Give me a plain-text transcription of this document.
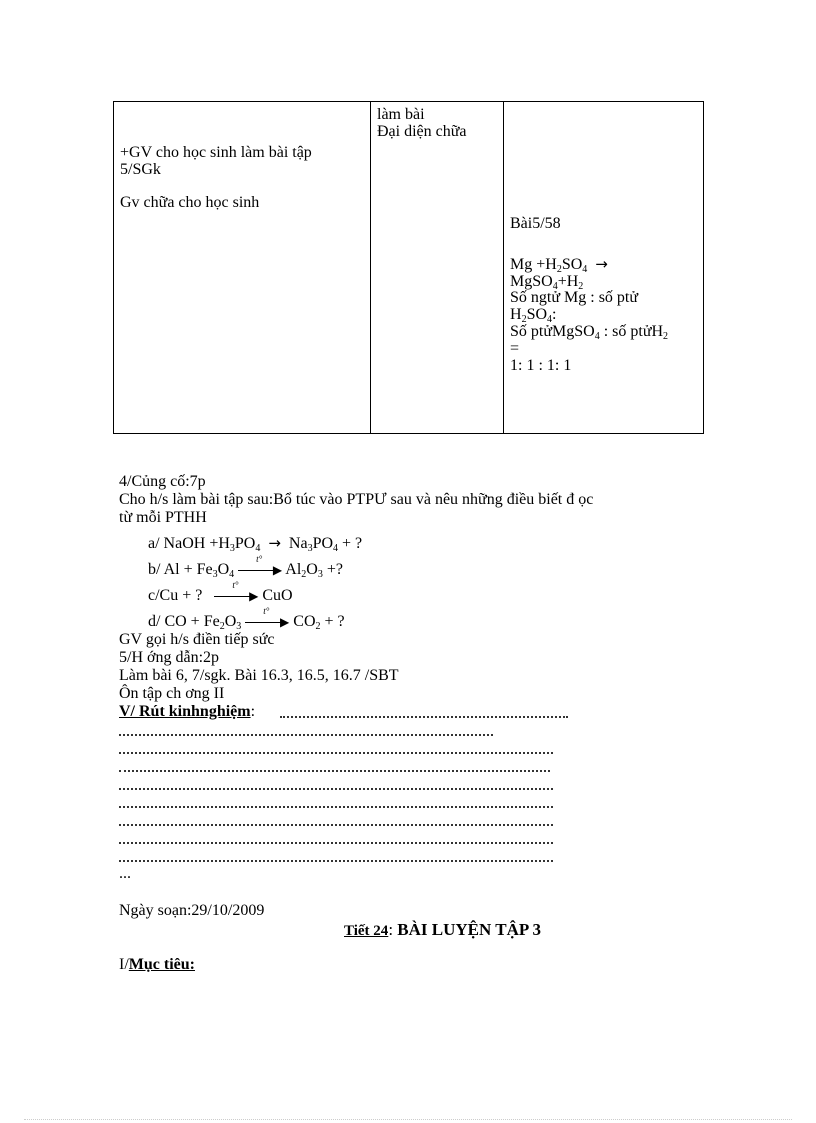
+GV cho học sinh làm bài tập
5/SGk
Gv chữa cho học sinh
làm bài
Đại diện chữa
Bài5/58
$Mg +H_2SO_4$ →
$MgSO_4+H_2$
Số ngtử Mg : số ptử
$H_2SO_4$:
Số ptửMgSO$_4$ : số ptửH$_2$
=
1: 1 : 1: 1
4/Củng cố:7p
Cho h/s làm bài tập sau:Bổ túc vào PTPƯ sau và nêu những điều biết đ ọc
từ mỗi PTHH
a/ NaOH $+H_3PO_4 \to Na_3PO_4$ + ?
b/ $Al + Fe_3O_4$
t°
▶ $Al_2O_3$ +?
c/Cu + ?
t°
▶ CuO
d/ CO + $Fe_2O_3$
t°
▶ $CO_2$ + ?
GV gọi h/s điền tiếp sức
5/H ớng dẫn:2p
Làm bài 6, 7/sgk. Bài 16.3, 16.5, 16.7 /SBT
Ôn tập ch ơng II
V/ Rút kinhnghiệm:
...
Ngày soạn:29/10/2009
Tiết 24: BÀI LUYỆN TẬP 3
I/Mục tiêu:
